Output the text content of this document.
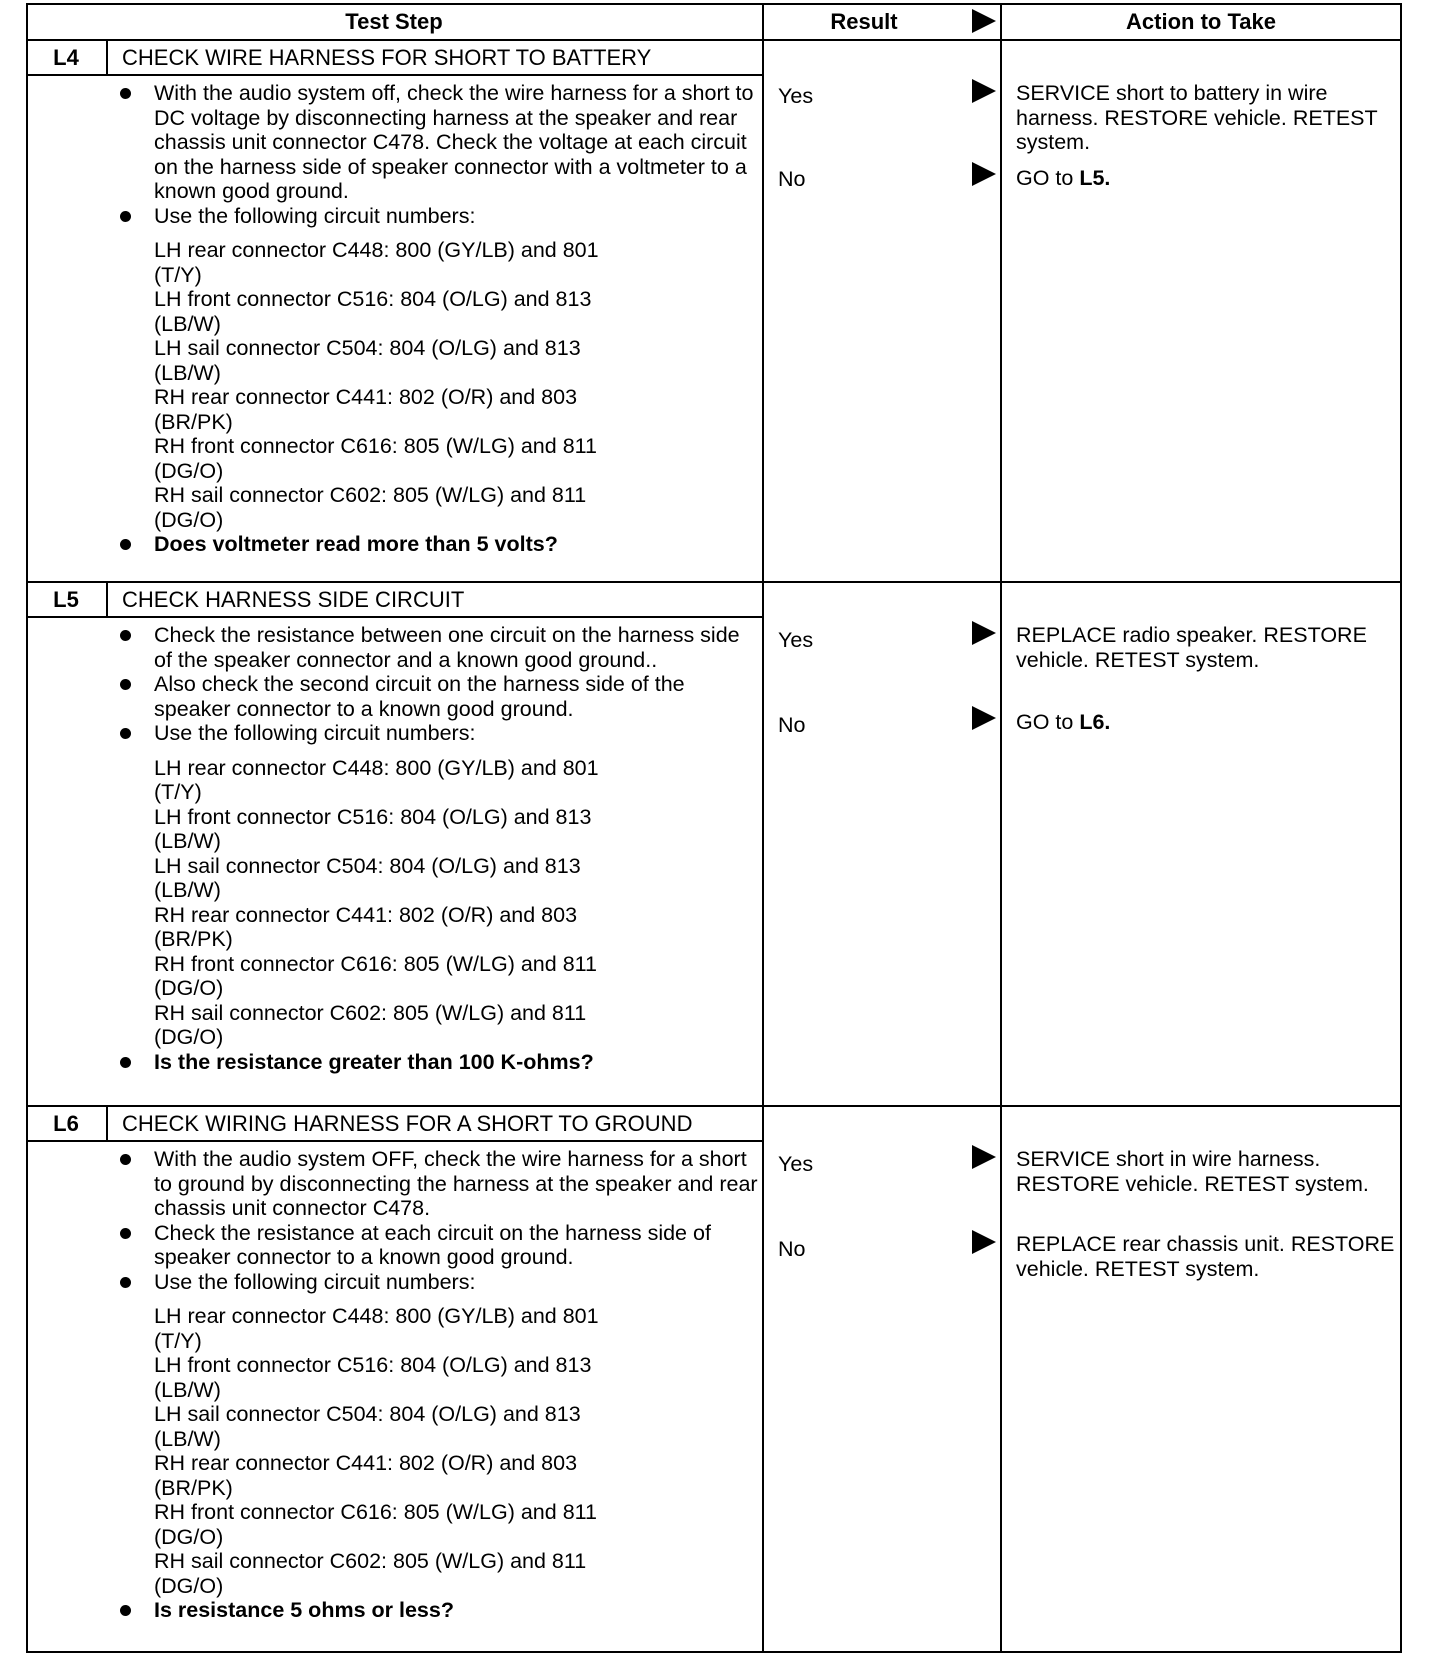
Test Step	Result	Action to Take
L4	CHECK WIRE HARNESS FOR SHORT TO BATTERY
With the audio system off, check the wire harness for a short to DC voltage by disconnecting harness at the speaker and rear chassis unit connector C478. Check the voltage at each circuit on the harness side of speaker connector with a voltmeter to a known good ground.
Use the following circuit numbers:
LH rear connector C448: 800 (GY/LB) and 801
(T/Y)
LH front connector C516: 804 (O/LG) and 813
(LB/W)
LH sail connector C504: 804 (O/LG) and 813
(LB/W)
RH rear connector C441: 802 (O/R) and 803
(BR/PK)
RH front connector C616: 805 (W/LG) and 811
(DG/O)
RH sail connector C602: 805 (W/LG) and 811
(DG/O)
Does voltmeter read more than 5 volts?
Yes	SERVICE short to battery in wire harness. RESTORE vehicle. RETEST system.
No	GO to L5.
L5	CHECK HARNESS SIDE CIRCUIT
Check the resistance between one circuit on the harness side of the speaker connector and a known good ground..
Also check the second circuit on the harness side of the speaker connector to a known good ground.
Use the following circuit numbers:
LH rear connector C448: 800 (GY/LB) and 801
(T/Y)
LH front connector C516: 804 (O/LG) and 813
(LB/W)
LH sail connector C504: 804 (O/LG) and 813
(LB/W)
RH rear connector C441: 802 (O/R) and 803
(BR/PK)
RH front connector C616: 805 (W/LG) and 811
(DG/O)
RH sail connector C602: 805 (W/LG) and 811
(DG/O)
Is the resistance greater than 100 K-ohms?
Yes	REPLACE radio speaker. RESTORE vehicle. RETEST system.
No	GO to L6.
L6	CHECK WIRING HARNESS FOR A SHORT TO GROUND
With the audio system OFF, check the wire harness for a short to ground by disconnecting the harness at the speaker and rear chassis unit connector C478.
Check the resistance at each circuit on the harness side of speaker connector to a known good ground.
Use the following circuit numbers:
LH rear connector C448: 800 (GY/LB) and 801
(T/Y)
LH front connector C516: 804 (O/LG) and 813
(LB/W)
LH sail connector C504: 804 (O/LG) and 813
(LB/W)
RH rear connector C441: 802 (O/R) and 803
(BR/PK)
RH front connector C616: 805 (W/LG) and 811
(DG/O)
RH sail connector C602: 805 (W/LG) and 811
(DG/O)
Is resistance 5 ohms or less?
Yes	SERVICE short in wire harness. RESTORE vehicle. RETEST system.
No	REPLACE rear chassis unit. RESTORE vehicle. RETEST system.
